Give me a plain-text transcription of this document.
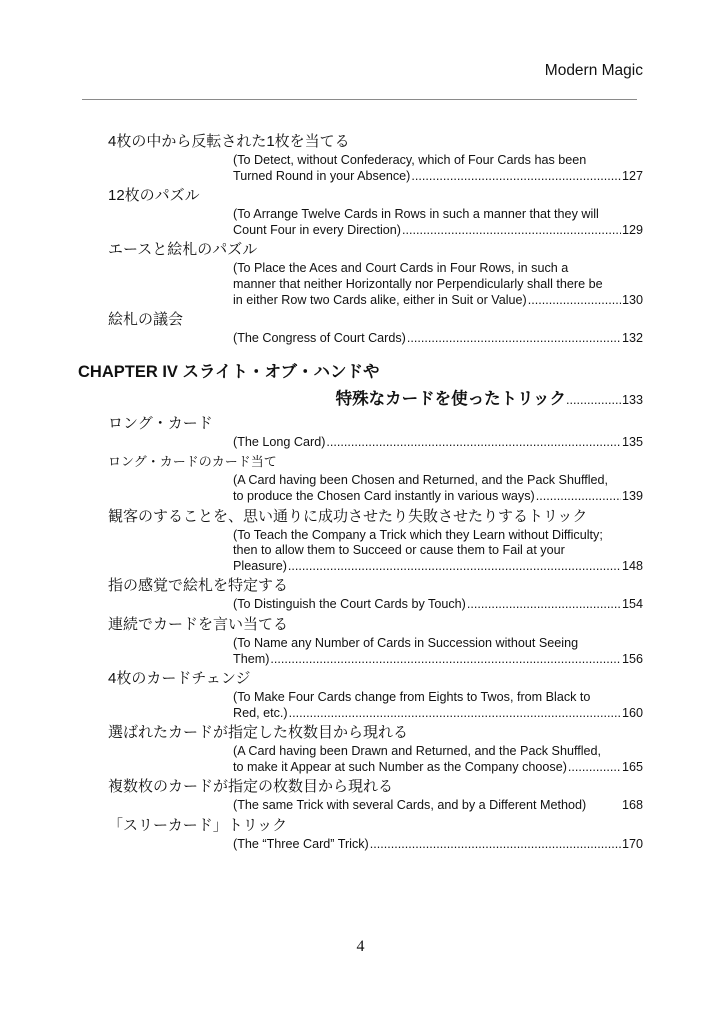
Modern Magic
4枚の中から反転された1枚を当てる
(To Detect, without Confederacy, which of Four Cards has been
Turned Round in your Absence) .....	127
12枚のパズル
(To Arrange Twelve Cards in Rows in such a manner that they will
Count Four in every Direction) .....	129
エースと絵札のパズル
(To Place the Aces and Court Cards in Four Rows, in such a
manner that neither Horizontally nor Perpendicularly shall there be
in either Row two Cards alike, either in Suit or Value) .....	130
絵札の議会
(The Congress of Court Cards) .....	132
CHAPTER IV スライト・オブ・ハンドや
特殊なカードを使ったトリック .....	133
ロング・カード
(The Long Card) .....	135
ロング・カードのカード当て
(A Card having been Chosen and Returned, and the Pack Shuffled,
to produce the Chosen Card instantly in various ways) .....	139
観客のすることを、思い通りに成功させたり失敗させたりするトリック
(To Teach the Company a Trick which they Learn without Difficulty;
then to allow them to Succeed or cause them to Fail at your
Pleasure) .....	148
指の感覚で絵札を特定する
(To Distinguish the Court Cards by Touch) .....	154
連続でカードを言い当てる
(To Name any Number of Cards in Succession without Seeing
Them) .....	156
4枚のカードチェンジ
(To Make Four Cards change from Eights to Twos, from Black to
Red, etc.) .....	160
選ばれたカードが指定した枚数目から現れる
(A Card having been Drawn and Returned, and the Pack Shuffled,
to make it Appear at such Number as the Company choose) .....	165
複数枚のカードが指定の枚数目から現れる
(The same Trick with several Cards, and by a Different Method)	168
「スリーカード」トリック
(The “Three Card” Trick) .....	170
4
